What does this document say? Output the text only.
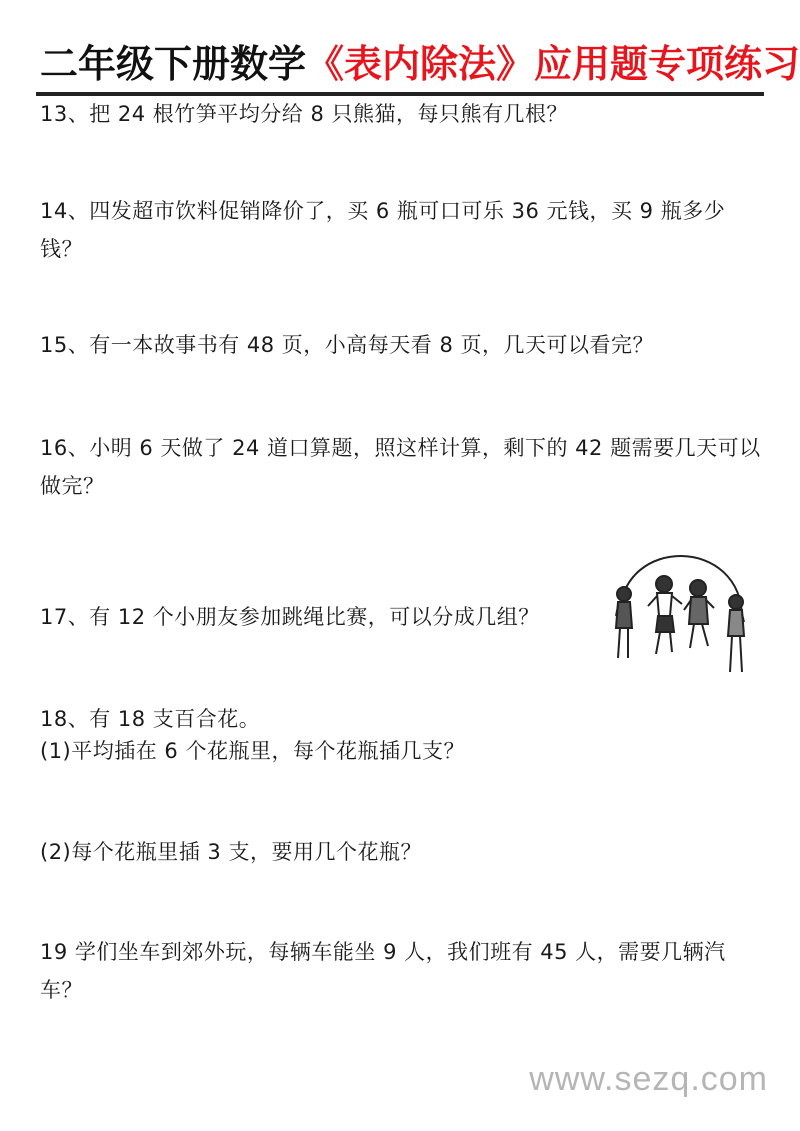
二年级下册数学《表内除法》应用题专项练习
13、把 24 根竹笋平均分给 8 只熊猫，每只熊有几根？
14、四发超市饮料促销降价了，买 6 瓶可口可乐 36 元钱，买 9 瓶多少钱？
15、有一本故事书有 48 页，小高每天看 8 页，几天可以看完？
16、小明 6 天做了 24 道口算题，照这样计算，剩下的 42 题需要几天可以做完？
17、有 12 个小朋友参加跳绳比赛，可以分成几组？
18、有 18 支百合花。
(1)平均插在 6 个花瓶里，每个花瓶插几支？
(2)每个花瓶里插 3 支，要用几个花瓶？
19 学们坐车到郊外玩，每辆车能坐 9 人，我们班有 45 人，需要几辆汽车？
www.sezq.com
